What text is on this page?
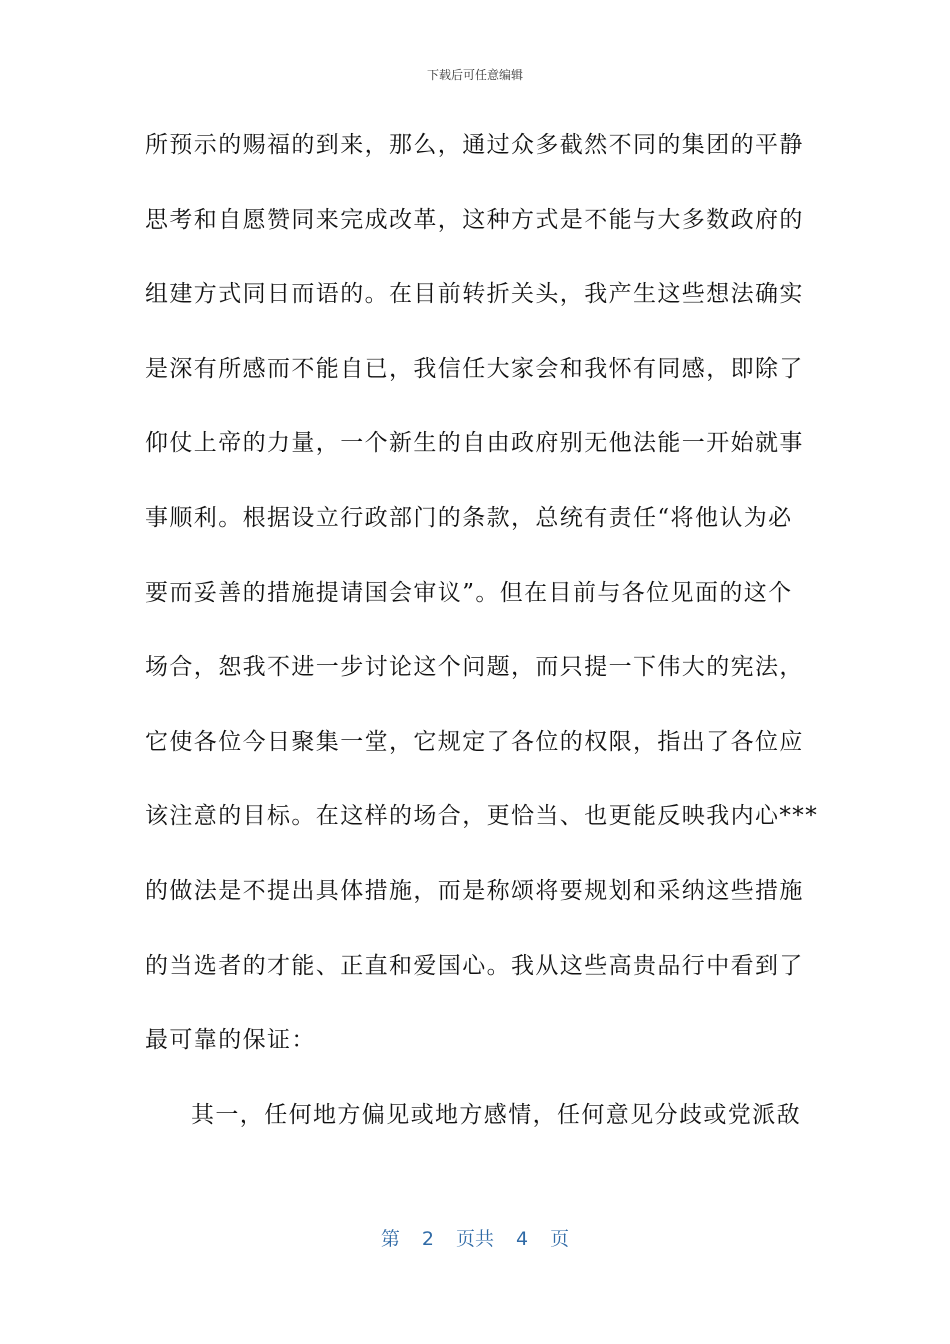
下载后可任意编辑
所预示的赐福的到来，那么，通过众多截然不同的集团的平静
思考和自愿赞同来完成改革，这种方式是不能与大多数政府的
组建方式同日而语的。在目前转折关头，我产生这些想法确实
是深有所感而不能自已，我信任大家会和我怀有同感，即除了
仰仗上帝的力量，一个新生的自由政府别无他法能一开始就事
事顺利。根据设立行政部门的条款，总统有责任“将他认为必
要而妥善的措施提请国会审议”。但在目前与各位见面的这个
场合，恕我不进一步讨论这个问题，而只提一下伟大的宪法，
它使各位今日聚集一堂，它规定了各位的权限，指出了各位应
该注意的目标。在这样的场合，更恰当、也更能反映我内心***
的做法是不提出具体措施，而是称颂将要规划和采纳这些措施
的当选者的才能、正直和爱国心。我从这些高贵品行中看到了
最可靠的保证：
其一，任何地方偏见或地方感情，任何意见分歧或党派敌
第 2 页共 4 页
